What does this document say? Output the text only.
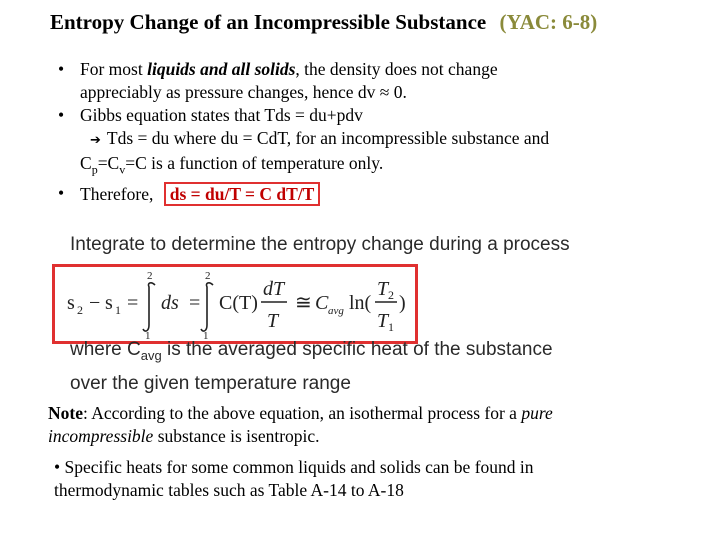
Entropy Change of an Incompressible Substance (YAC: 6-8)
• For most liquids and all solids, the density does not change
appreciably as pressure changes, hence dv ≈ 0.
• Gibbs equation states that Tds = du+pdv
➔ Tds = du where du = CdT, for an incompressible substance and
$C_p=C_v=C$ is a function of temperature only.
• Therefore, ds = du/T = C dT/T
Integrate to determine the entropy change during a process
s 2 − s 1 =
2
1
ds =
2
1
C(T)
dT
T
≅ C avg ln(
T 2
T 1
)
where $C_{avg}$ is the averaged specific heat of the substance
over the given temperature range
Note: According to the above equation, an isothermal process for a pure
incompressible substance is isentropic.
• Specific heats for some common liquids and solids can be found in
thermodynamic tables such as Table A-14 to A-18
